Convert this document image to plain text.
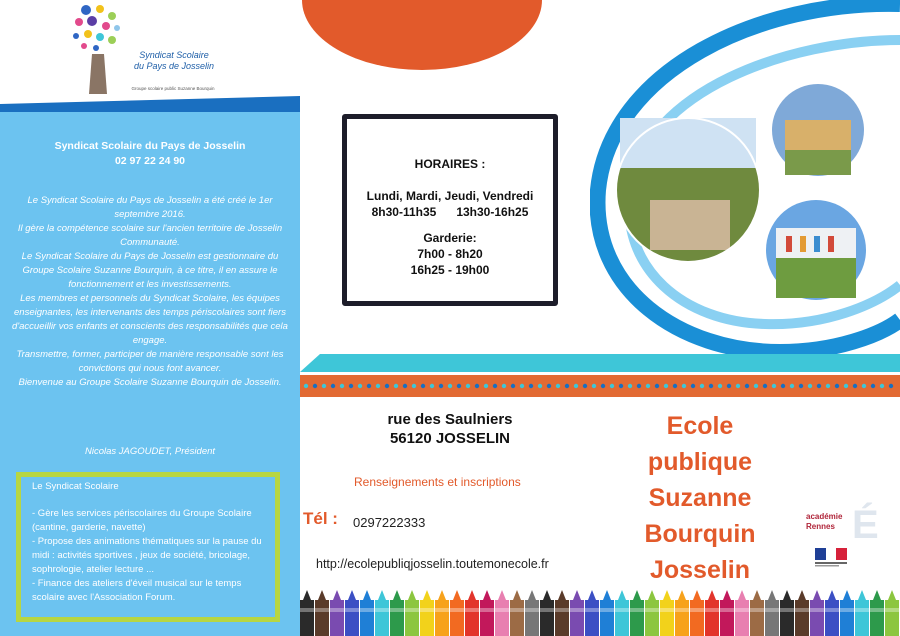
Syndicat Scolaire
du Pays de Josselin
Groupe scolaire public Suzanne Bourquin
Syndicat Scolaire du Pays de Josselin
02 97 22 24 90

Le Syndicat Scolaire du Pays de Josselin a été créé le 1er septembre 2016.

Il gère la compétence scolaire sur l'ancien territoire de Josselin Communauté.

Le Syndicat Scolaire du Pays de Josselin est gestionnaire du Groupe Scolaire Suzanne Bourquin, à ce titre, il en assure le fonctionnement et les investissements.

Les membres et personnels du Syndicat Scolaire, les équipes enseignantes, les intervenants des temps périscolaires sont fiers d'accueillir vos enfants et conscients des responsabilités que cela engage.

Transmettre, former, participer de manière responsable sont les convictions qui nous font avancer.

Bienvenue au Groupe Scolaire Suzanne Bourquin de Josselin.

Nicolas JAGOUDET, Président
Le Syndicat Scolaire
- Gère les services périscolaires du Groupe Scolaire (cantine, garderie, navette)
- Propose des animations thématiques sur la pause du midi : activités sportives , jeux de société, bricolage, sophrologie, atelier lecture ...
- Finance des ateliers d'éveil musical sur le temps scolaire avec l'Association Forum.
HORAIRES :
Lundi, Mardi, Jeudi, Vendredi
8h30-11h35      13h30-16h25
Garderie:
7h00 - 8h20
16h25 - 19h00
rue des Saulniers
56120 JOSSELIN
Renseignements et inscriptions
Tél : 0297222333
http://ecolepubliqjosselin.toutemonecole.fr
Ecole
publique
Suzanne
Bourquin
Josselin
É
académie
Rennes
